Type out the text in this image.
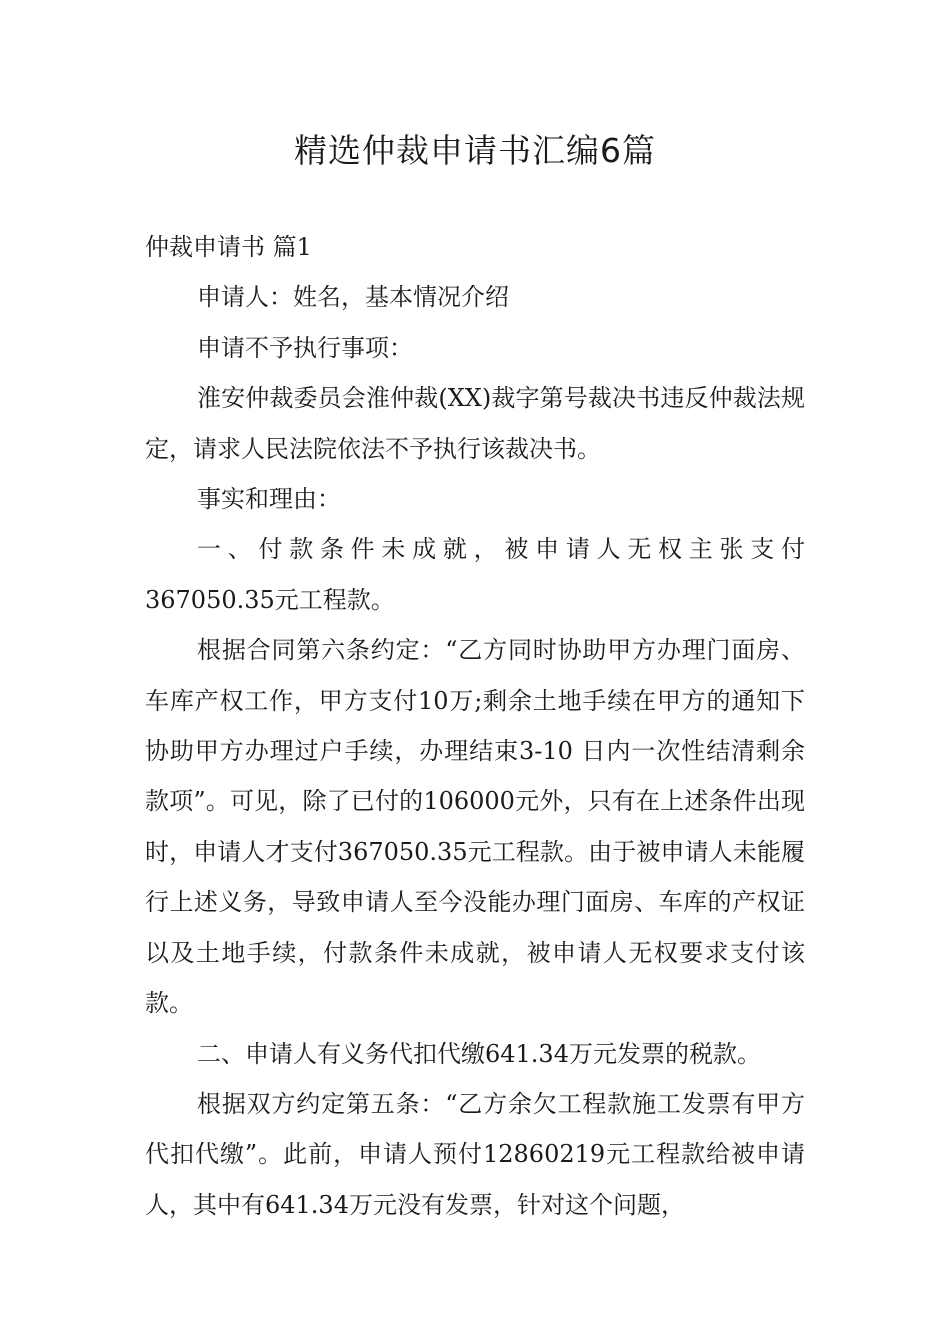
精选仲裁申请书汇编6篇

仲裁申请书 篇1

申请人：姓名，基本情况介绍

申请不予执行事项：

淮安仲裁委员会淮仲裁(XX)裁字第号裁决书违反仲裁法规定，请求人民法院依法不予执行该裁决书。

事实和理由：

一、付款条件未成就，被申请人无权主张支付367050.35元工程款。

根据合同第六条约定：“乙方同时协助甲方办理门面房、车库产权工作，甲方支付10万;剩余土地手续在甲方的通知下协助甲方办理过户手续，办理结束3-10 日内一次性结清剩余款项”。可见，除了已付的106000元外，只有在上述条件出现时，申请人才支付367050.35元工程款。由于被申请人未能履行上述义务，导致申请人至今没能办理门面房、车库的产权证以及土地手续，付款条件未成就，被申请人无权要求支付该款。

二、申请人有义务代扣代缴641.34万元发票的税款。

根据双方约定第五条：“乙方余欠工程款施工发票有甲方代扣代缴”。此前，申请人预付12860219元工程款给被申请人，其中有641.34万元没有发票，针对这个问题，
